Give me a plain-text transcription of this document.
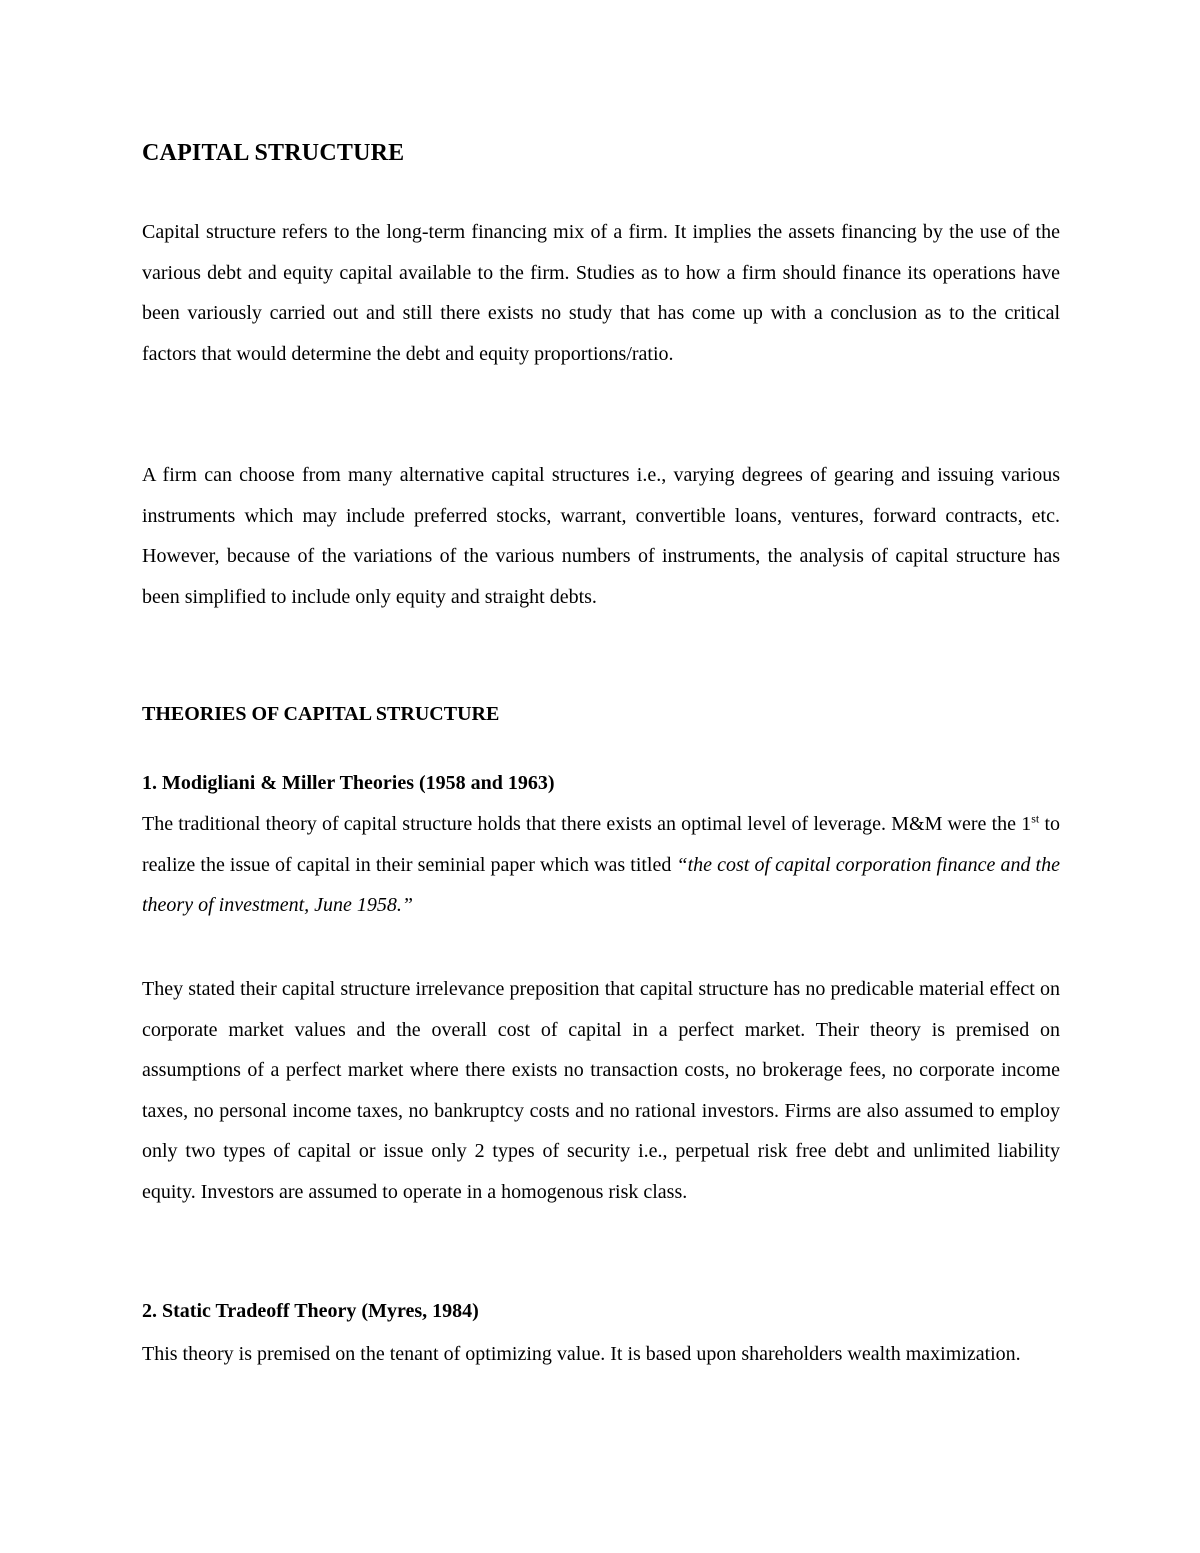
CAPITAL STRUCTURE

Capital structure refers to the long-term financing mix of a firm. It implies the assets financing by the use of the various debt and equity capital available to the firm. Studies as to how a firm should finance its operations have been variously carried out and still there exists no study that has come up with a conclusion as to the critical factors that would determine the debt and equity proportions/ratio.

A firm can choose from many alternative capital structures i.e., varying degrees of gearing and issuing various instruments which may include preferred stocks, warrant, convertible loans, ventures, forward contracts, etc. However, because of the variations of the various numbers of instruments, the analysis of capital structure has been simplified to include only equity and straight debts.

THEORIES OF CAPITAL STRUCTURE
1. Modigliani & Miller Theories (1958 and 1963)

The traditional theory of capital structure holds that there exists an optimal level of leverage. M&M were the 1st to realize the issue of capital in their seminial paper which was titled “the cost of capital corporation finance and the theory of investment, June 1958.”

They stated their capital structure irrelevance preposition that capital structure has no predicable material effect on corporate market values and the overall cost of capital in a perfect market. Their theory is premised on assumptions of a perfect market where there exists no transaction costs, no brokerage fees, no corporate income taxes, no personal income taxes, no bankruptcy costs and no rational investors. Firms are also assumed to employ only two types of capital or issue only 2 types of security i.e., perpetual risk free debt and unlimited liability equity. Investors are assumed to operate in a homogenous risk class.

2. Static Tradeoff Theory (Myres, 1984)

This theory is premised on the tenant of optimizing value. It is based upon shareholders wealth maximization.
